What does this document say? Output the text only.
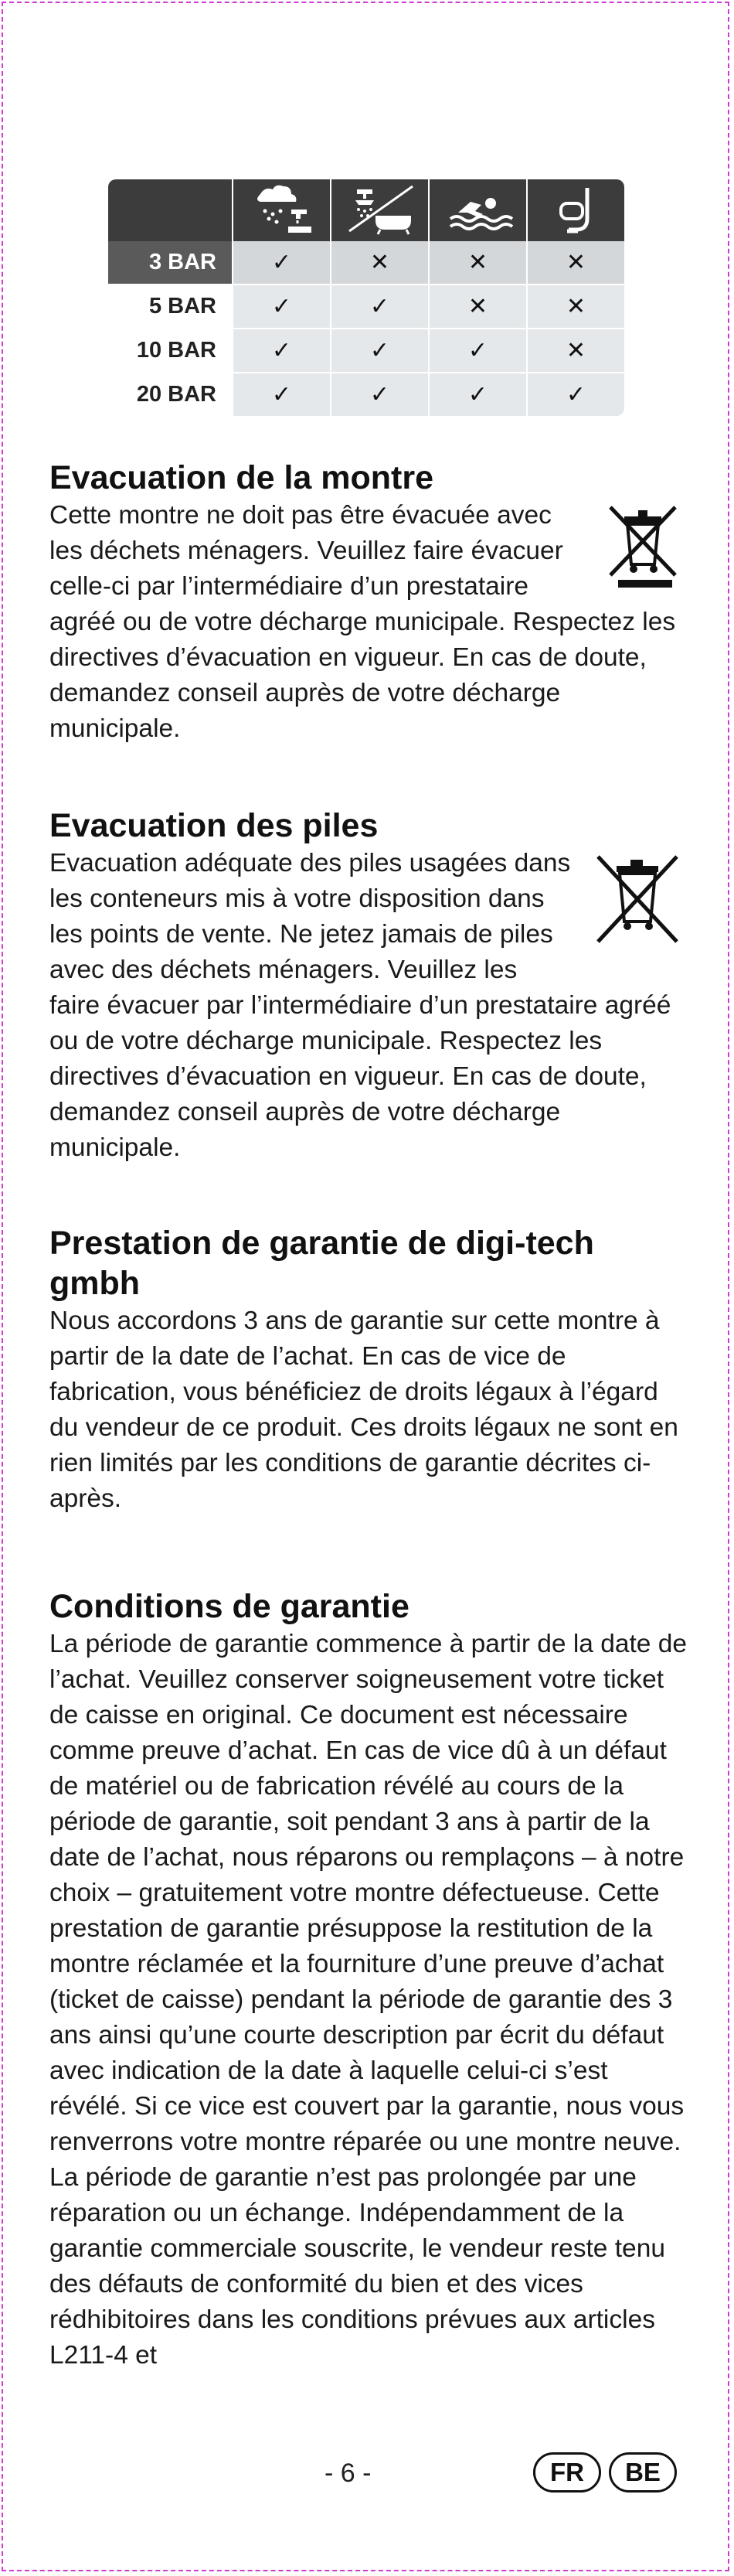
3 BAR	✓	✕	✕	✕
5 BAR	✓	✓	✕	✕
10 BAR	✓	✓	✓	✕
20 BAR	✓	✓	✓	✓
Evacuation de la montre

Cette montre ne doit pas être évacuée avec les déchets ménagers. Veuillez faire évacuer celle-ci par l’intermédiaire d’un prestataire agréé ou de votre décharge municipale. Respectez les directives d’évacuation en vigueur. En cas de doute, demandez conseil auprès de votre décharge municipale.

Evacuation des piles

Evacuation adéquate des piles usagées dans les conteneurs mis à votre disposition dans les points de vente. Ne jetez jamais de piles avec des déchets ménagers. Veuillez les faire évacuer par l’intermédiaire d’un prestataire agréé ou de votre décharge municipale. Respectez les directives d’évacuation en vigueur. En cas de doute, demandez conseil auprès de votre décharge municipale.

Prestation de garantie de digi-tech gmbh

Nous accordons 3 ans de garantie sur cette montre à partir de la date de l’achat. En cas de vice de fabrication, vous bénéficiez de droits légaux à l’égard du vendeur de ce produit. Ces droits légaux ne sont en rien limités par les conditions de garantie décrites ci-après.

Conditions de garantie

La période de garantie commence à partir de la date de l’achat. Veuillez conserver soigneusement votre ticket de caisse en original. Ce document est nécessaire comme preuve d’achat. En cas de vice dû à un défaut de matériel ou de fabrication révélé au cours de la période de garantie, soit pendant 3 ans à partir de la date de l’achat, nous réparons ou remplaçons – à notre choix – gratuitement votre montre défectueuse. Cette prestation de garantie présuppose la restitution de la montre réclamée et la fourniture d’une preuve d’achat (ticket de caisse) pendant la période de garantie des 3 ans ainsi qu’une courte description par écrit du défaut avec indication de la date à laquelle celui-ci s’est révélé. Si ce vice est couvert par la garantie, nous vous renverrons votre montre réparée ou une montre neuve. La période de garantie n’est pas prolongée par une réparation ou un échange. Indépendamment de la garantie commerciale souscrite, le vendeur reste tenu des défauts de conformité du bien et des vices rédhibitoires dans les conditions prévues aux articles L211-4 et

- 6 -	FR	BE
